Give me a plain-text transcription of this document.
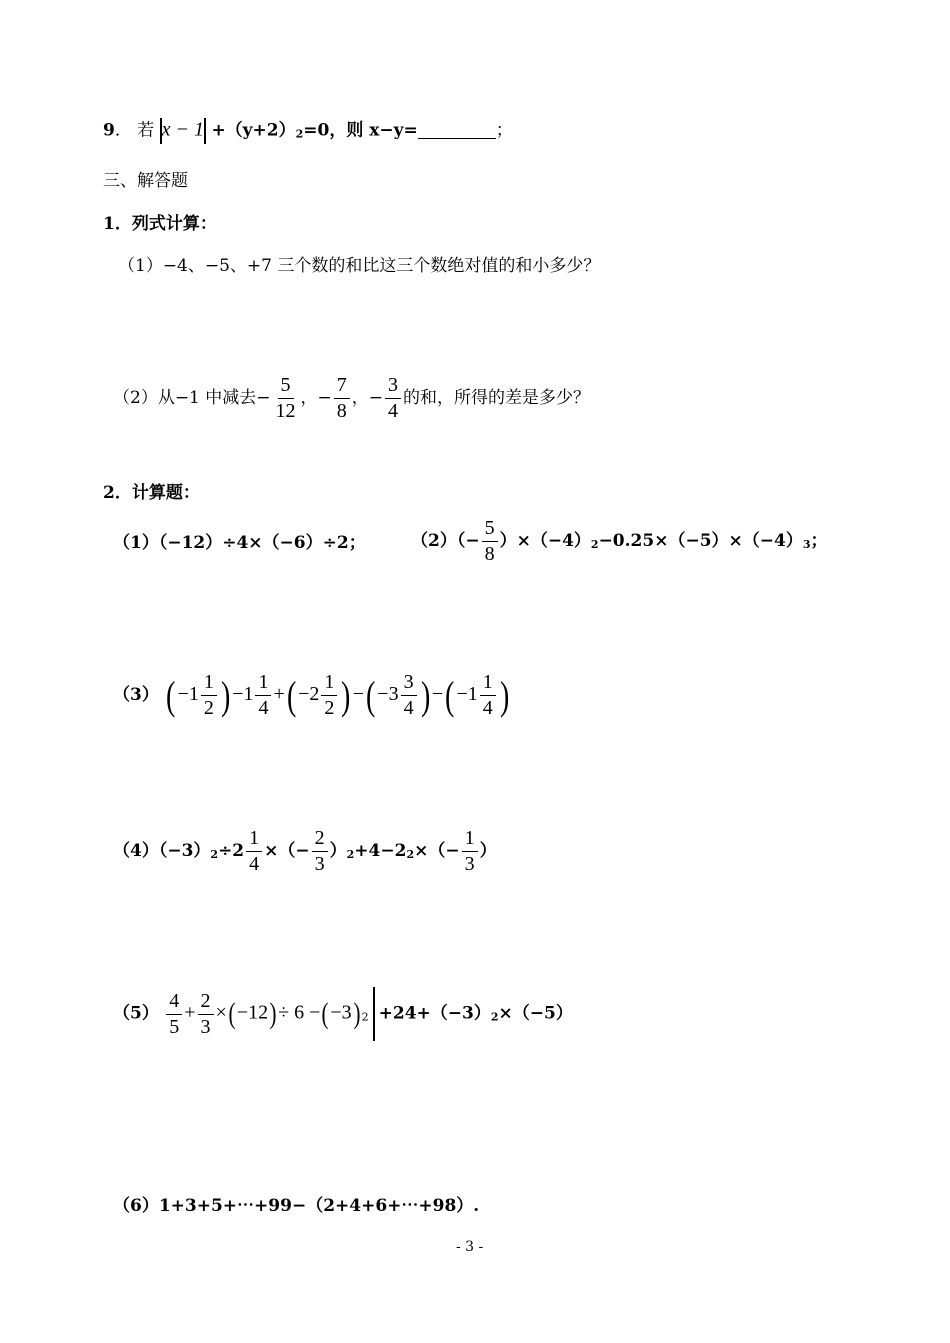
9． 若 x − 1 +（y+2）2=0，则 x−y=	；
三、解答题
1．列式计算：
（1）−4、−5、+7 三个数的和比这三个数绝对值的和小多少？
（2）从−1 中减去− $\frac{5}{12}$ ，− $\frac{7}{8}$ ，− $\frac{3}{4}$ 的和，所得的差是多少？
2．计算题：
（1）（−12）÷4×（−6）÷2；	$(2)(- \frac{5}{8} )\times(-4)2-0.25\times(-5)\times(-4)3$；
（3） $(-1 \frac{1}{2} )-1 \frac{1}{4} +(-2 \frac{1}{2} )-(-3 \frac{3}{4} )-(-1 \frac{1}{4}$ )
$(4)(-3)2\div 2 \frac{1}{4}$ ×（− $\frac{2}{3} )2+4-22\times(- \frac{1}{3}$ ）
$(5) \frac{4}{5} + \frac{2}{3} \times(-12)\div 6 -(-3)$ 2 +24+（−3）2×（−5）
（6）1+3+5+⋯+99−（2+4+6+⋯+98）.
- 3 -
